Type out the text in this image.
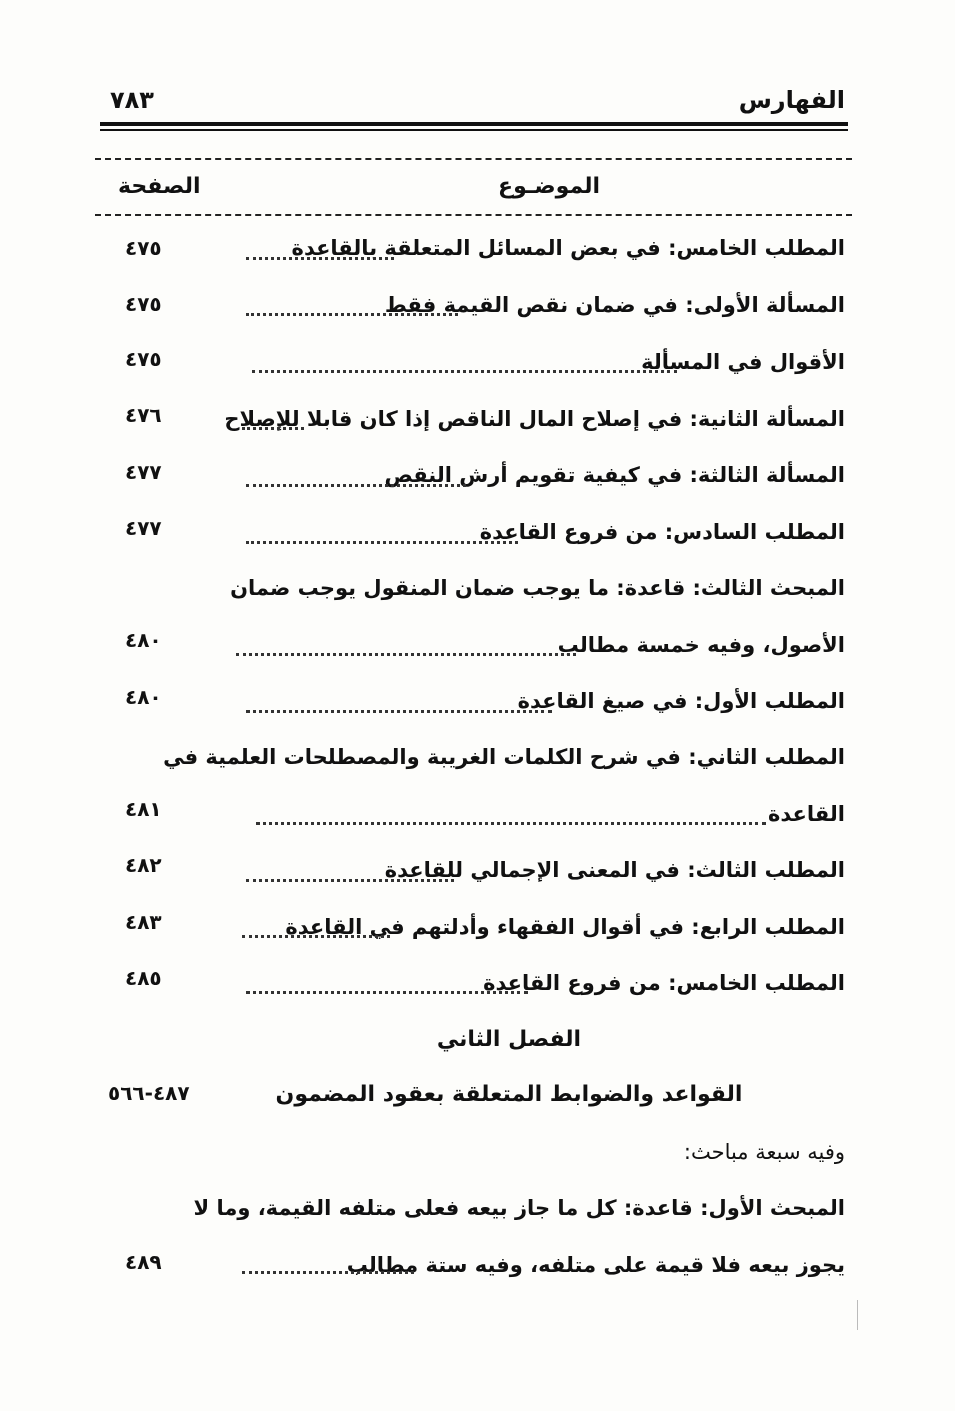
الفهارس
٧٨٣
الموضـوع
الصفحة
المطلب الخامس: في بعض المسائل المتعلقة بالقاعدة
٤٧٥
المسألة الأولى: في ضمان نقص القيمة فقط
٤٧٥
الأقوال في المسألة
٤٧٥
المسألة الثانية: في إصلاح المال الناقص إذا كان قابلا للإصلاح
٤٧٦
المسألة الثالثة: في كيفية تقويم أرش النقص
٤٧٧
المطلب السادس: من فروع القاعدة
٤٧٧
المبحث الثالث: قاعدة: ما يوجب ضمان المنقول يوجب ضمان
الأصول، وفيه خمسة مطالب
٤٨٠
المطلب الأول: في صيغ القاعدة
٤٨٠
المطلب الثاني: في شرح الكلمات الغريبة والمصطلحات العلمية في
القاعدة
٤٨١
المطلب الثالث: في المعنى الإجمالي للقاعدة
٤٨٢
المطلب الرابع: في أقوال الفقهاء وأدلتهم في القاعدة
٤٨٣
المطلب الخامس: من فروع القاعدة
٤٨٥
الفصل الثاني
القواعد والضوابط المتعلقة بعقود المضمون
٤٨٧-٥٦٦
وفيه سبعة مباحث:
المبحث الأول: قاعدة: كل ما جاز بيعه فعلى متلفه القيمة، وما لا
يجوز بيعه فلا قيمة على متلفه، وفيه ستة مطالب
٤٨٩
